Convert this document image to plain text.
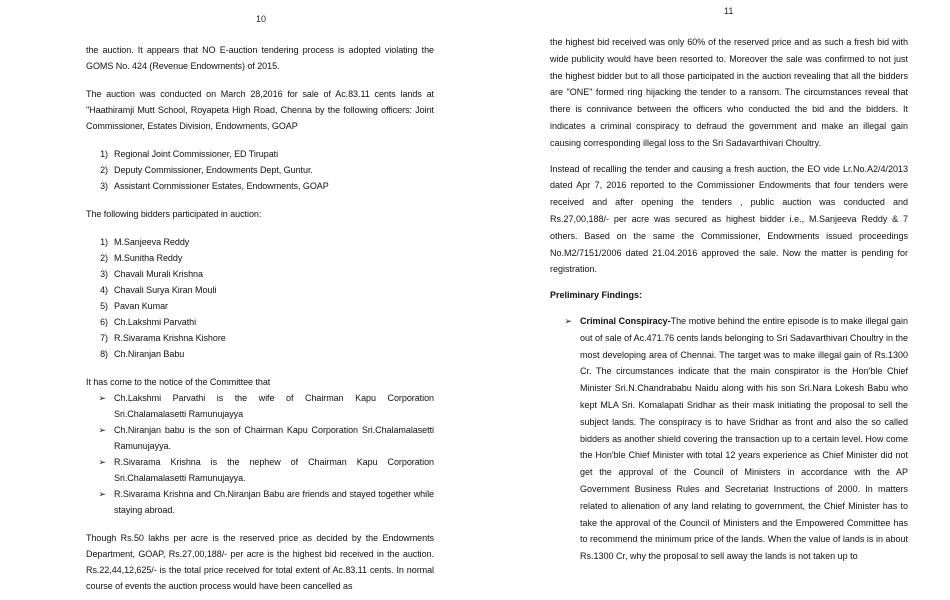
10

the auction. It appears that NO E-auction tendering process is adopted violating the GOMS No. 424 (Revenue Endowments) of 2015.

The auction was conducted on March 28,2016 for sale of Ac.83.11 cents lands at "Haathiramji Mutt School, Royapeta High Road, Chenna by the following officers: Joint Commissioner, Estates Division, Endowments, GOAP

1) Regional Joint Commissioner, ED Tirupati
2) Deputy Commissioner, Endowments Dept, Guntur.
3) Assistant Commissioner Estates, Endowments, GOAP

The following bidders participated in auction:

1) M.Sanjeeva Reddy
2) M.Sunitha Reddy
3) Chavali Murali Krishna
4) Chavali Surya Kiran Mouli
5) Pavan Kumar
6) Ch.Lakshmi Parvathi
7) R.Sivarama Krishna Kishore
8) Ch.Niranjan Babu

It has come to the notice of the Committee that

➢ Ch.Lakshmi Parvathi is the wife of Chairman Kapu Corporation Sri.Chalamalasetti Ramunujayya
➢ Ch.Niranjan babu is the son of Chairman Kapu Corporation Sri.Chalamalasetti Ramunujayya.
➢ R.Sivarama Krishna is the nephew of Chairman Kapu Corporation Sri.Chalamalasetti Ramunujayya.
➢ R.Sivarama Krishna and Ch.Niranjan Babu are friends and stayed together while staying abroad.

Though Rs.50 lakhs per acre is the reserved price as decided by the Endowments Department, GOAP, Rs.27,00,188/- per acre is the highest bid received in the auction. Rs.22,44,12,625/- is the total price received for total extent of Ac.83.11 cents. In normal course of events the auction process would have been cancelled as

11

the highest bid received was only 60% of the reserved price and as such a fresh bid with wide publicity would have been resorted to. Moreover the sale was confirmed to not just the highest bidder but to all those participated in the auction revealing that all the bidders are "ONE" formed ring hijacking the tender to a ransom. The circumstances reveal that there is connivance between the officers who conducted the bid and the bidders. It indicates a criminal conspiracy to defraud the government and make an illegal gain causing corresponding illegal loss to the Sri Sadavarthivari Choultry.

Instead of recalling the tender and causing a fresh auction, the EO vide Lr.No.A2/4/2013 dated Apr 7, 2016 reported to the Commissioner Endowments that four tenders were received and after opening the tenders , public auction was conducted and Rs.27,00,188/- per acre was secured as highest bidder i.e., M.Sanjeeva Reddy & 7 others. Based on the same the Commissioner, Endowments issued proceedings No.M2/7151/2006 dated 21.04.2016 approved the sale. Now the matter is pending for registration.

Preliminary Findings:

➢ Criminal Conspiracy-The motive behind the entire episode is to make illegal gain out of sale of Ac.471.76 cents lands belonging to Sri Sadavarthivari Choultry in the most developing area of Chennai. The target was to make illegal gain of Rs.1300 Cr. The circumstances indicate that the main conspirator is the Hon'ble Chief Minister Sri.N.Chandrababu Naidu along with his son Sri.Nara Lokesh Babu who kept MLA Sri. Komalapati Sridhar as their mask initiating the proposal to sell the subject lands. The conspiracy is to have Sridhar as front and also the so called bidders as another shield covering the transaction up to a certain level. How come the Hon'ble Chief Minister with total 12 years experience as Chief Minister did not get the approval of the Council of Ministers in accordance with the AP Government Business Rules and Secretariat Instructions of 2000. In matters related to alienation of any land relating to government, the Chief Minister has to take the approval of the Council of Ministers and the Empowered Committee has to recommend the minimum price of the lands. When the value of lands is in about Rs.1300 Cr, why the proposal to sell away the lands is not taken up to
